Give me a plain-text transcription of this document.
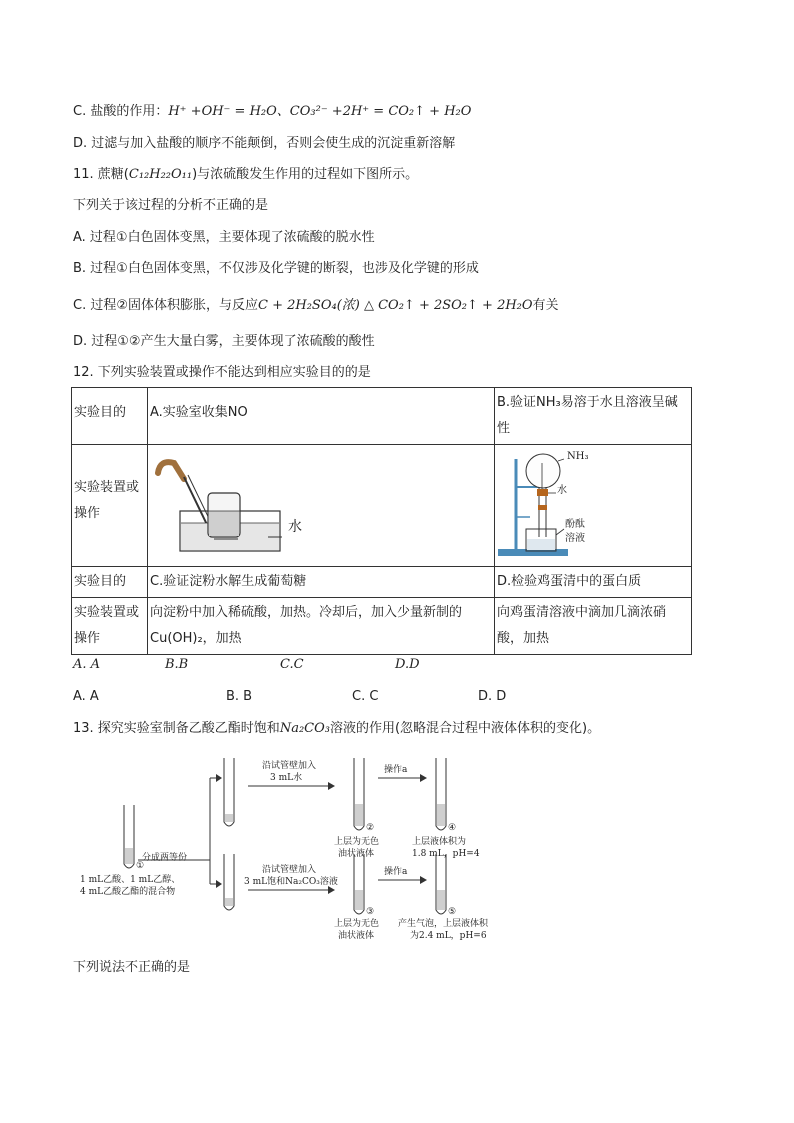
C. 盐酸的作用：H⁺ +OH⁻ = H₂O、CO₃²⁻ +2H⁺ = CO₂↑ + H₂O
D. 过滤与加入盐酸的顺序不能颠倒，否则会使生成的沉淀重新溶解
11. 蔗糖(C₁₂H₂₂O₁₁)与浓硫酸发生作用的过程如下图所示。
下列关于该过程的分析不正确的是
A. 过程①白色固体变黑，主要体现了浓硫酸的脱水性
B. 过程①白色固体变黑，不仅涉及化学键的断裂，也涉及化学键的形成
C. 过程②固体体积膨胀，与反应C + 2H₂SO₄(浓) △ CO₂↑ + 2SO₂↑ + 2H₂O有关
D. 过程①②产生大量白雾，主要体现了浓硫酸的酸性
12. 下列实验装置或操作不能达到相应实验目的的是
实验目的	A.实验室收集NO	B.验证NH₃易溶于水且溶液呈碱性
实验装置或操作	水	NH₃
水
酚酞
溶液

实验目的	C.验证淀粉水解生成葡萄糖	D.检验鸡蛋清中的蛋白质
实验装置或操作	向淀粉中加入稀硫酸，加热。冷却后，加入少量新制的Cu(OH)₂，加热	向鸡蛋清溶液中滴加几滴浓硝酸，加热
A. A	B.B	C.C	D.D
A. A	B. B	C. C	D. D
13. 探究实验室制备乙酸乙酯时饱和Na₂CO₃溶液的作用(忽略混合过程中液体体积的变化)。
分成两等份
①
1 mL乙酸、1 mL乙醇、
4 mL乙酸乙酯的混合物
沿试管壁加入
3 mL水
操作a
②
上层为无色
油状液体
④
上层液体积为
1.8 mL，pH=4
沿试管壁加入
3 mL饱和Na₂CO₃溶液
操作a
③
上层为无色
油状液体
⑤
产生气泡，上层液体积
为2.4 mL，pH=6
下列说法不正确的是
